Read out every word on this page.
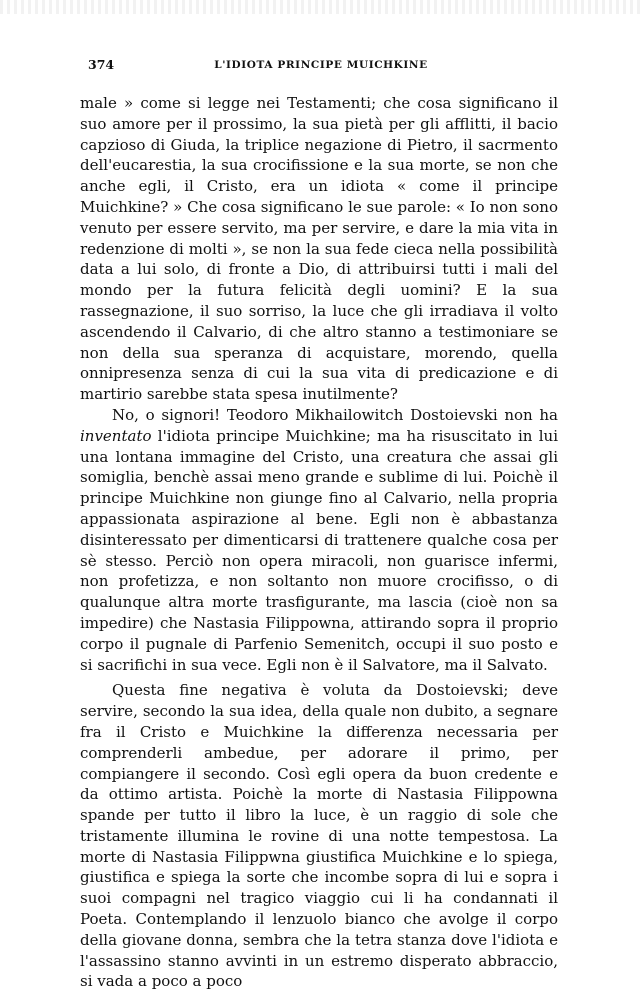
374	L'IDIOTA PRINCIPE MUICHKINE

male » come si legge nei Testamenti; che cosa significano il suo amore per il prossimo, la sua pietà per gli afflitti, il bacio capzioso di Giuda, la triplice negazione di Pietro, il sacrmento dell'eucarestia, la sua crocifissione e la sua morte, se non che anche egli, il Cristo, era un idiota « come il principe Muichkine? » Che cosa significano le sue parole: « Io non sono venuto per essere servito, ma per servire, e dare la mia vita in redenzione di molti », se non la sua fede cieca nella possibilità data a lui solo, di fronte a Dio, di attribuirsi tutti i mali del mondo per la futura felicità degli uomini? E la sua rassegnazione, il suo sorriso, la luce che gli irradiava il volto ascendendo il Calvario, di che altro stanno a testimoniare se non della sua speranza di acquistare, morendo, quella onnipresenza senza di cui la sua vita di predicazione e di martirio sarebbe stata spesa inutilmente?

No, o signori! Teodoro Mikhailowitch Dostoievski non ha inventato l'idiota principe Muichkine; ma ha risuscitato in lui una lontana immagine del Cristo, una creatura che assai gli somiglia, benchè assai meno grande e sublime di lui. Poichè il principe Muichkine non giunge fino al Calvario, nella propria appassionata aspirazione al bene. Egli non è abbastanza disinteressato per dimenticarsi di trattenere qualche cosa per sè stesso. Perciò non opera miracoli, non guarisce infermi, non profetizza, e non soltanto non muore crocifisso, o di qualunque altra morte trasfigurante, ma lascia (cioè non sa impedire) che Nastasia Filippowna, attirando sopra il proprio corpo il pugnale di Parfenio Semenitch, occupi il suo posto e si sacrifichi in sua vece. Egli non è il Salvatore, ma il Salvato.

Questa fine negativa è voluta da Dostoievski; deve servire, secondo la sua idea, della quale non dubito, a segnare fra il Cristo e Muichkine la differenza necessaria per comprenderli ambedue, per adorare il primo, per compiangere il secondo. Così egli opera da buon credente e da ottimo artista. Poichè la morte di Nastasia Filippowna spande per tutto il libro la luce, è un raggio di sole che tristamente illumina le rovine di una notte tempestosa. La morte di Nastasia Filippwna giustifica Muichkine e lo spiega, giustifica e spiega la sorte che incombe sopra di lui e sopra i suoi compagni nel tragico viaggio cui li ha condannati il Poeta. Contemplando il lenzuolo bianco che avolge il corpo della giovane donna, sembra che la tetra stanza dove l'idiota e l'assassino stanno avvinti in un estremo disperato abbraccio, si vada a poco a poco
